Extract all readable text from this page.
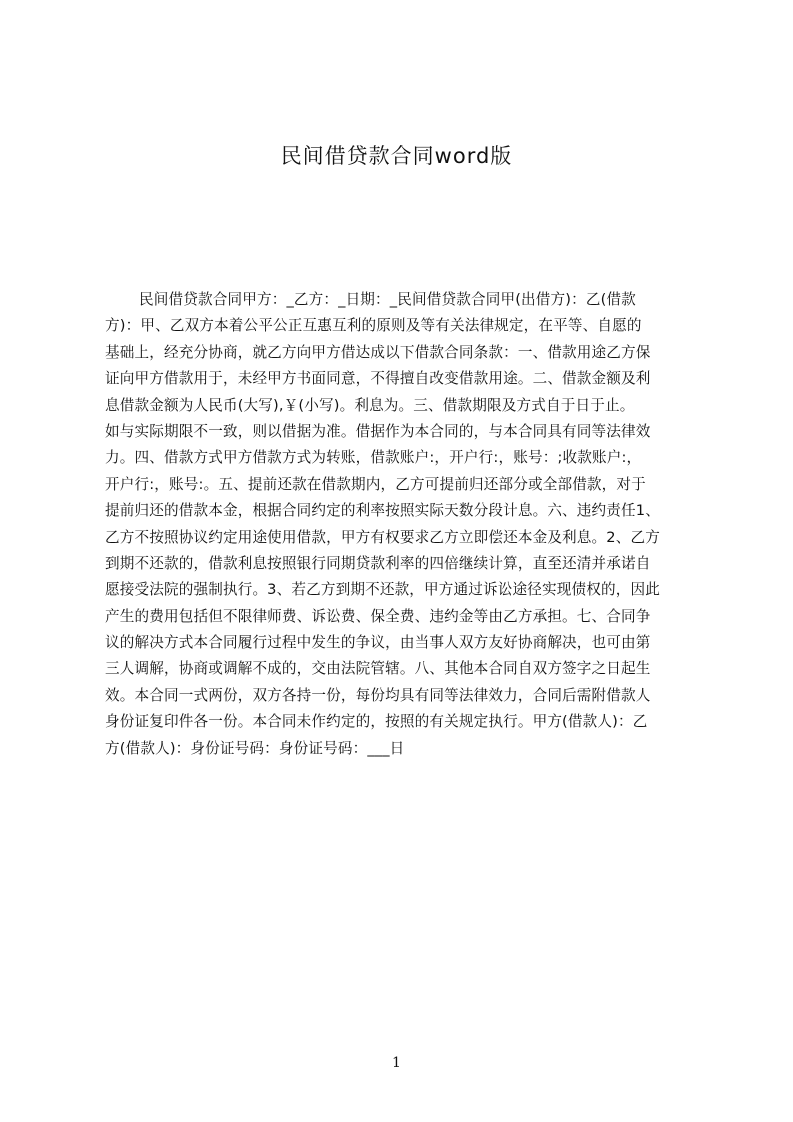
民间借贷款合同word版
民间借贷款合同甲方：_乙方：_日期：_民间借贷款合同甲(出借方)：乙(借款
方)：甲、乙双方本着公平公正互惠互利的原则及等有关法律规定，在平等、自愿的
基础上，经充分协商，就乙方向甲方借达成以下借款合同条款：一、借款用途乙方保
证向甲方借款用于，未经甲方书面同意，不得擅自改变借款用途。二、借款金额及利
息借款金额为人民币(大写),￥(小写)。利息为。三、借款期限及方式自于日于止。
如与实际期限不一致，则以借据为准。借据作为本合同的，与本合同具有同等法律效
力。四、借款方式甲方借款方式为转账，借款账户:，开户行:，账号：;收款账户:，
开户行:，账号:。五、提前还款在借款期内，乙方可提前归还部分或全部借款，对于
提前归还的借款本金，根据合同约定的利率按照实际天数分段计息。六、违约责任1、
乙方不按照协议约定用途使用借款，甲方有权要求乙方立即偿还本金及利息。2、乙方
到期不还款的，借款利息按照银行同期贷款利率的四倍继续计算，直至还清并承诺自
愿接受法院的强制执行。3、若乙方到期不还款，甲方通过诉讼途径实现债权的，因此
产生的费用包括但不限律师费、诉讼费、保全费、违约金等由乙方承担。七、合同争
议的解决方式本合同履行过程中发生的争议，由当事人双方友好协商解决，也可由第
三人调解，协商或调解不成的，交由法院管辖。八、其他本合同自双方签字之日起生
效。本合同一式两份，双方各持一份，每份均具有同等法律效力，合同后需附借款人
身份证复印件各一份。本合同未作约定的，按照的有关规定执行。甲方(借款人)：乙
方(借款人)：身份证号码：身份证号码：___日
1
